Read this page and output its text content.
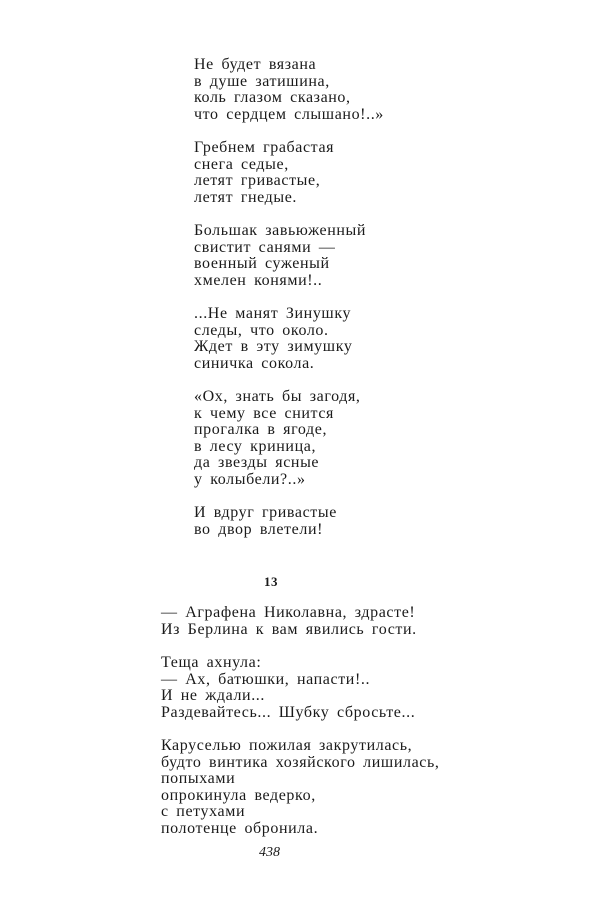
Не будет вязана
в душе затишина,
коль глазом сказано,
что сердцем слышано!..»
Гребнем грабастая
снега седые,
летят гривастые,
летят гнедые.
Большак завьюженный
свистит санями —
военный суженый
хмелен конями!..
...Не манят Зинушку
следы, что около.
Ждет в эту зимушку
синичка сокола.
«Ох, знать бы загодя,
к чему все снится
прогалка в ягоде,
в лесу криница,
да звезды ясные
у колыбели?..»
И вдруг гривастые
во двор влетели!
13
— Аграфена Николавна, здрасте!
Из Берлина к вам явились гости.
Теща ахнула:
— Ах, батюшки, напасти!..
И не ждали...
Раздевайтесь... Шубку сбросьте...
Каруселью пожилая закрутилась,
будто винтика хозяйского лишилась,
попыхами
опрокинула ведерко,
с петухами
полотенце обронила.
438
